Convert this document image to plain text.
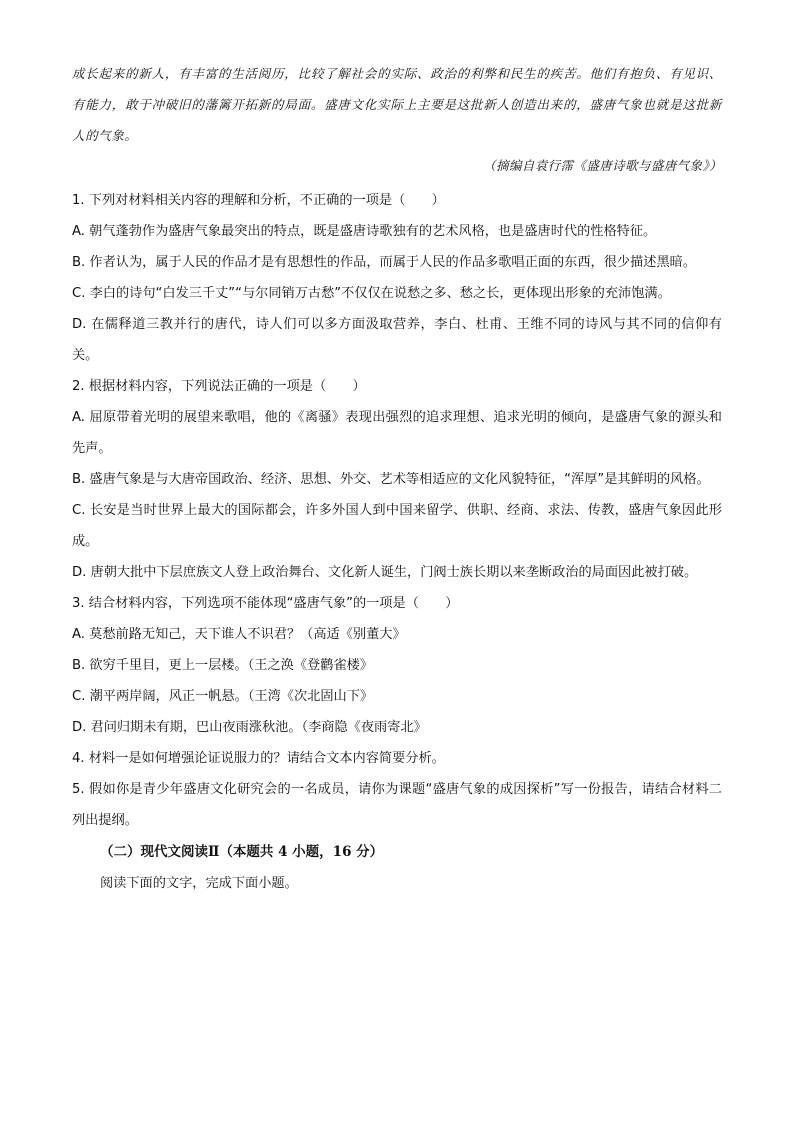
成长起来的新人，有丰富的生活阅历，比较了解社会的实际、政治的利弊和民生的疾苦。他们有抱负、有见识、有能力，敢于冲破旧的藩篱开拓新的局面。盛唐文化实际上主要是这批新人创造出来的，盛唐气象也就是这批新人的气象。

（摘编自袁行霈《盛唐诗歌与盛唐气象》）

1. 下列对材料相关内容的理解和分析，不正确的一项是（　　）

A. 朝气蓬勃作为盛唐气象最突出的特点，既是盛唐诗歌独有的艺术风格，也是盛唐时代的性格特征。

B. 作者认为，属于人民的作品才是有思想性的作品，而属于人民的作品多歌唱正面的东西，很少描述黑暗。

C. 李白的诗句“白发三千丈”“与尔同销万古愁”不仅仅在说愁之多、愁之长，更体现出形象的充沛饱满。

D. 在儒释道三教并行的唐代，诗人们可以多方面汲取营养，李白、杜甫、王维不同的诗风与其不同的信仰有关。

2. 根据材料内容，下列说法正确的一项是（　　）

A. 屈原带着光明的展望来歌唱，他的《离骚》表现出强烈的追求理想、追求光明的倾向，是盛唐气象的源头和先声。

B. 盛唐气象是与大唐帝国政治、经济、思想、外交、艺术等相适应的文化风貌特征，“浑厚”是其鲜明的风格。

C. 长安是当时世界上最大的国际都会，许多外国人到中国来留学、供职、经商、求法、传教，盛唐气象因此形成。

D. 唐朝大批中下层庶族文人登上政治舞台、文化新人诞生，门阀士族长期以来垄断政治的局面因此被打破。

3. 结合材料内容，下列选项不能体现“盛唐气象”的一项是（　　）

A. 莫愁前路无知己，天下谁人不识君？（高适《别董大》

B. 欲穷千里目，更上一层楼。（王之涣《登鹳雀楼》

C. 潮平两岸阔，风正一帆悬。（王湾《次北固山下》

D. 君问归期未有期，巴山夜雨涨秋池。（李商隐《夜雨寄北》

4. 材料一是如何增强论证说服力的？请结合文本内容简要分析。

5. 假如你是青少年盛唐文化研究会的一名成员，请你为课题“盛唐气象的成因探析”写一份报告，请结合材料二列出提纲。

（二）现代文阅读Ⅱ（本题共 4 小题，16 分）

阅读下面的文字，完成下面小题。
